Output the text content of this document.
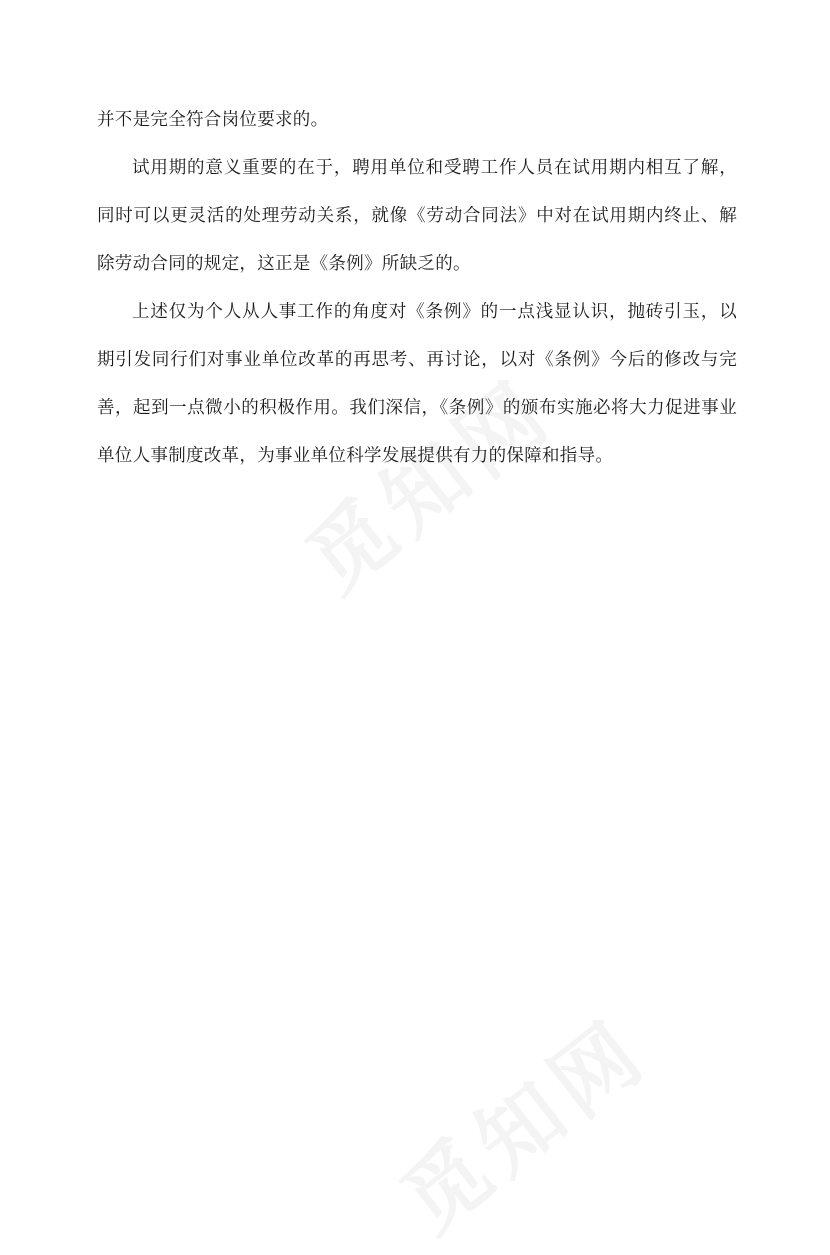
并不是完全符合岗位要求的。

试用期的意义重要的在于，聘用单位和受聘工作人员在试用期内相互了解，同时可以更灵活的处理劳动关系，就像《劳动合同法》中对在试用期内终止、解除劳动合同的规定，这正是《条例》所缺乏的。

上述仅为个人从人事工作的角度对《条例》的一点浅显认识，抛砖引玉，以期引发同行们对事业单位改革的再思考、再讨论，以对《条例》今后的修改与完善，起到一点微小的积极作用。我们深信，《条例》的颁布实施必将大力促进事业单位人事制度改革，为事业单位科学发展提供有力的保障和指导。
